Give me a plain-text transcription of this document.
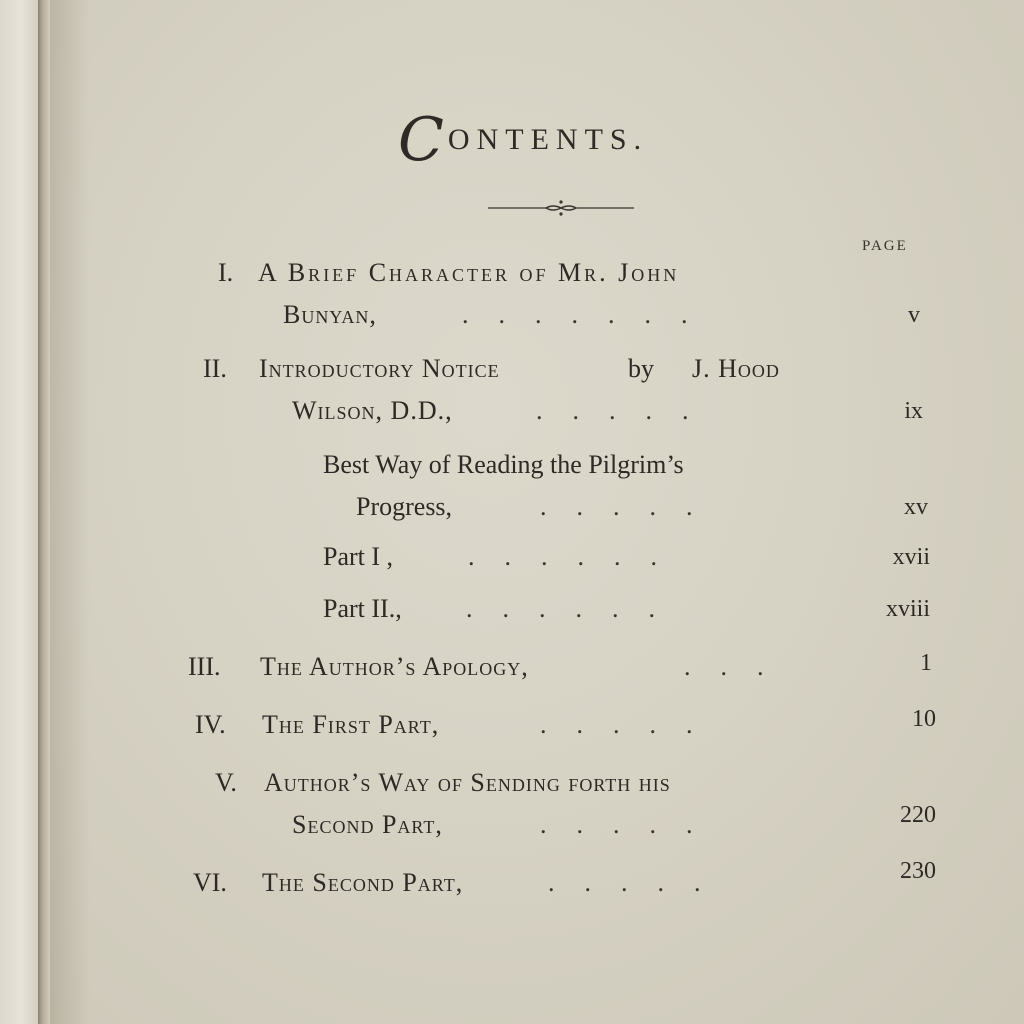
C ONTENTS.
PAGE
I. A Brief Character of Mr. John
Bunyan,	.......	v
II. Introductory Notice	by J. Hood
Wilson, D.D.,	.....	ix
Best Way of Reading the Pilgrim’s
Progress,	.....	xv
Part I ,	......	xvii
Part II., ......	xviii
III. The Author’s Apology,	...	1
IV. The First Part,	.....	10
V. Author’s Way of Sending forth his
Second Part,	.....	220
VI. The Second Part,	.....	230
